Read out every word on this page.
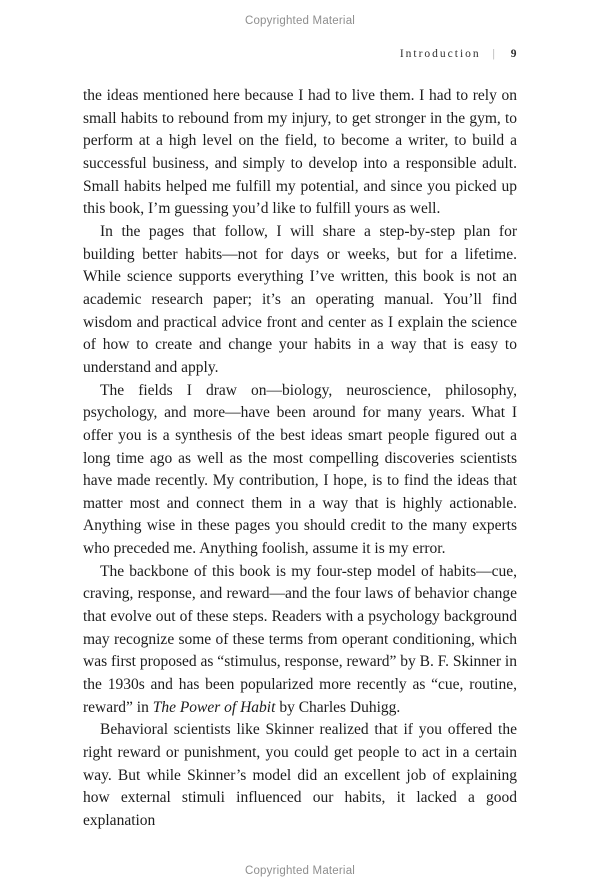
Copyrighted Material
Introduction | 9

the ideas mentioned here because I had to live them. I had to rely on small habits to rebound from my injury, to get stronger in the gym, to perform at a high level on the field, to become a writer, to build a successful business, and simply to develop into a responsible adult. Small habits helped me fulfill my potential, and since you picked up this book, I’m guessing you’d like to fulfill yours as well.

In the pages that follow, I will share a step-by-step plan for building better habits—not for days or weeks, but for a lifetime. While science supports everything I’ve written, this book is not an academic research paper; it’s an operating manual. You’ll find wisdom and practical advice front and center as I explain the science of how to create and change your habits in a way that is easy to understand and apply.

The fields I draw on—biology, neuroscience, philosophy, psychology, and more—have been around for many years. What I offer you is a synthesis of the best ideas smart people figured out a long time ago as well as the most compelling discoveries scientists have made recently. My contribution, I hope, is to find the ideas that matter most and connect them in a way that is highly actionable. Anything wise in these pages you should credit to the many experts who preceded me. Anything foolish, assume it is my error.

The backbone of this book is my four-step model of habits—cue, craving, response, and reward—and the four laws of behavior change that evolve out of these steps. Readers with a psychology background may recognize some of these terms from operant conditioning, which was first proposed as “stimulus, response, reward” by B. F. Skinner in the 1930s and has been popularized more recently as “cue, routine, reward” in The Power of Habit by Charles Duhigg.

Behavioral scientists like Skinner realized that if you offered the right reward or punishment, you could get people to act in a certain way. But while Skinner’s model did an excellent job of explaining how external stimuli influenced our habits, it lacked a good explanation

Copyrighted Material
